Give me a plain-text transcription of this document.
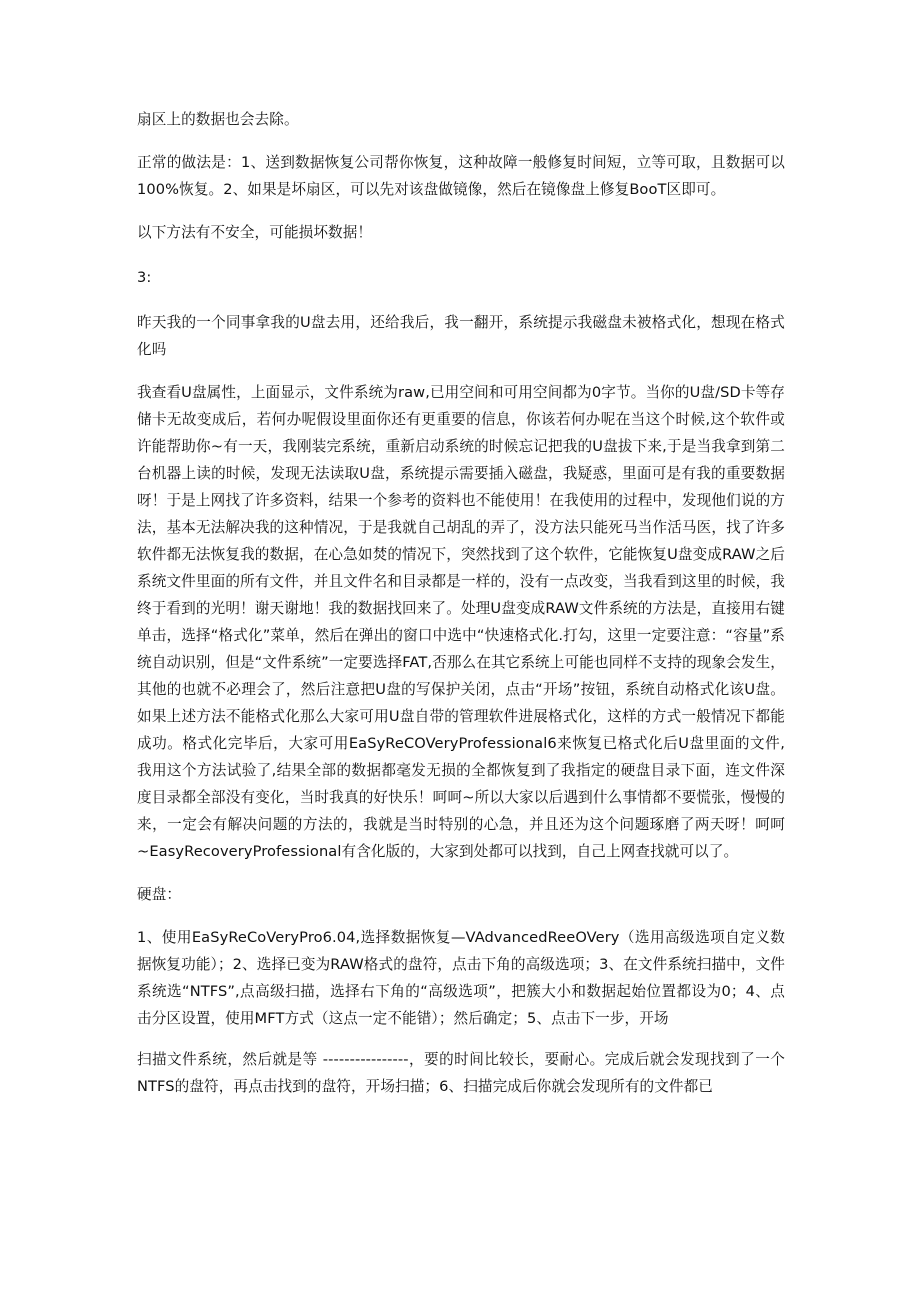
扇区上的数据也会去除。

正常的做法是：1、送到数据恢复公司帮你恢复，这种故障一般修复时间短，立等可取，且数据可以100%恢复。2、如果是坏扇区，可以先对该盘做镜像，然后在镜像盘上修复BooT区即可。

以下方法有不安全，可能损坏数据！

3:

昨天我的一个同事拿我的U盘去用，还给我后，我一翻开，系统提示我磁盘未被格式化，想现在格式化吗

我查看U盘属性，上面显示，文件系统为raw,已用空间和可用空间都为0字节。当你的U盘/SD卡等存储卡无故变成后，若何办呢假设里面你还有更重要的信息，你该若何办呢在当这个时候,这个软件或许能帮助你~有一天，我刚装完系统，重新启动系统的时候忘记把我的U盘拔下来,于是当我拿到第二台机器上读的时候，发现无法读取U盘，系统提示需要插入磁盘，我疑惑，里面可是有我的重要数据呀！于是上网找了许多资料，结果一个参考的资料也不能使用！在我使用的过程中，发现他们说的方法，基本无法解决我的这种情况，于是我就自己胡乱的弄了，没方法只能死马当作活马医，找了许多软件都无法恢复我的数据，在心急如焚的情况下，突然找到了这个软件，它能恢复U盘变成RAW之后系统文件里面的所有文件，并且文件名和目录都是一样的，没有一点改变，当我看到这里的时候，我终于看到的光明！谢天谢地！我的数据找回来了。处理U盘变成RAW文件系统的方法是，直接用右键单击，选择“格式化”菜单，然后在弹出的窗口中选中“快速格式化.打勾，这里一定要注意：“容量”系统自动识别，但是“文件系统”一定要选择FAT,否那么在其它系统上可能也同样不支持的现象会发生，其他的也就不必理会了，然后注意把U盘的写保护关闭，点击“开场”按钮，系统自动格式化该U盘。如果上述方法不能格式化那么大家可用U盘自带的管理软件进展格式化，这样的方式一般情况下都能成功。格式化完毕后，大家可用EaSyReCOVeryProfessional6来恢复已格式化后U盘里面的文件,我用这个方法试验了,结果全部的数据都毫发无损的全都恢复到了我指定的硬盘目录下面，连文件深度目录都全部没有变化，当时我真的好快乐！呵呵~所以大家以后遇到什么事情都不要慌张，慢慢的来，一定会有解决问题的方法的，我就是当时特别的心急，并且还为这个问题琢磨了两天呀！呵呵~EasyRecoveryProfessional有含化版的，大家到处都可以找到，自己上网查找就可以了。

硬盘：

1、使用EaSyReCoVeryPro6.04,选择数据恢复—VAdvancedReeOVery（选用高级选项自定义数据恢复功能）；2、选择已变为RAW格式的盘符，点击下角的高级选项；3、在文件系统扫描中，文件系统选“NTFS”,点高级扫描，选择右下角的“高级选项”，把簇大小和数据起始位置都设为0；4、点击分区设置，使用MFT方式（这点一定不能错）；然后确定；5、点击下一步，开场

扫描文件系统，然后就是等 ----------------，要的时间比较长，要耐心。完成后就会发现找到了一个NTFS的盘符，再点击找到的盘符，开场扫描；6、扫描完成后你就会发现所有的文件都已
